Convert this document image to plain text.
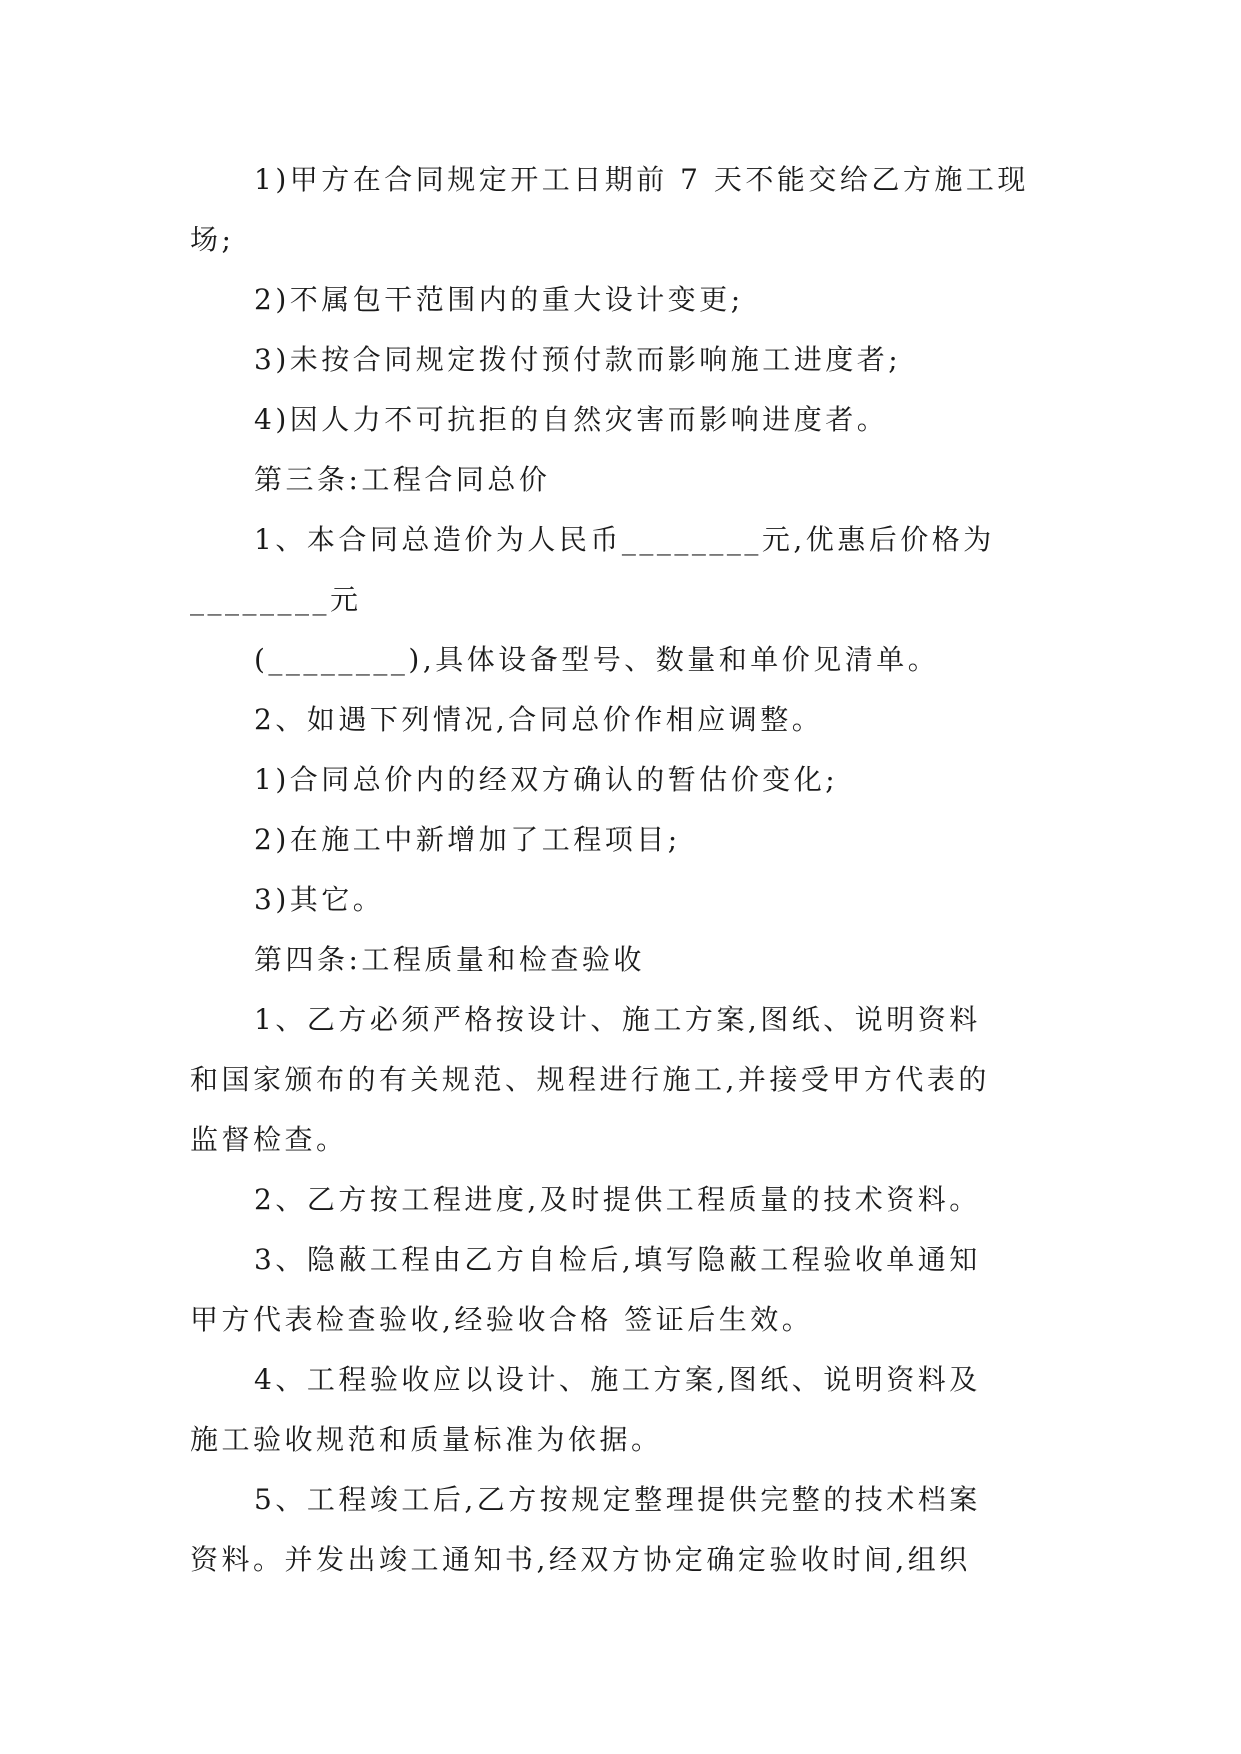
1)甲方在合同规定开工日期前 7 天不能交给乙方施工现
场;
2)不属包干范围内的重大设计变更;
3)未按合同规定拨付预付款而影响施工进度者;
4)因人力不可抗拒的自然灾害而影响进度者。
第三条:工程合同总价
1、本合同总造价为人民币________元,优惠后价格为
________元
(________),具体设备型号、数量和单价见清单。
2、如遇下列情况,合同总价作相应调整。
1)合同总价内的经双方确认的暂估价变化;
2)在施工中新增加了工程项目;
3)其它。
第四条:工程质量和检查验收
1、乙方必须严格按设计、施工方案,图纸、说明资料
和国家颁布的有关规范、规程进行施工,并接受甲方代表的
监督检查。
2、乙方按工程进度,及时提供工程质量的技术资料。
3、隐蔽工程由乙方自检后,填写隐蔽工程验收单通知
甲方代表检查验收,经验收合格 签证后生效。
4、工程验收应以设计、施工方案,图纸、说明资料及
施工验收规范和质量标准为依据。
5、工程竣工后,乙方按规定整理提供完整的技术档案
资料。并发出竣工通知书,经双方协定确定验收时间,组织
